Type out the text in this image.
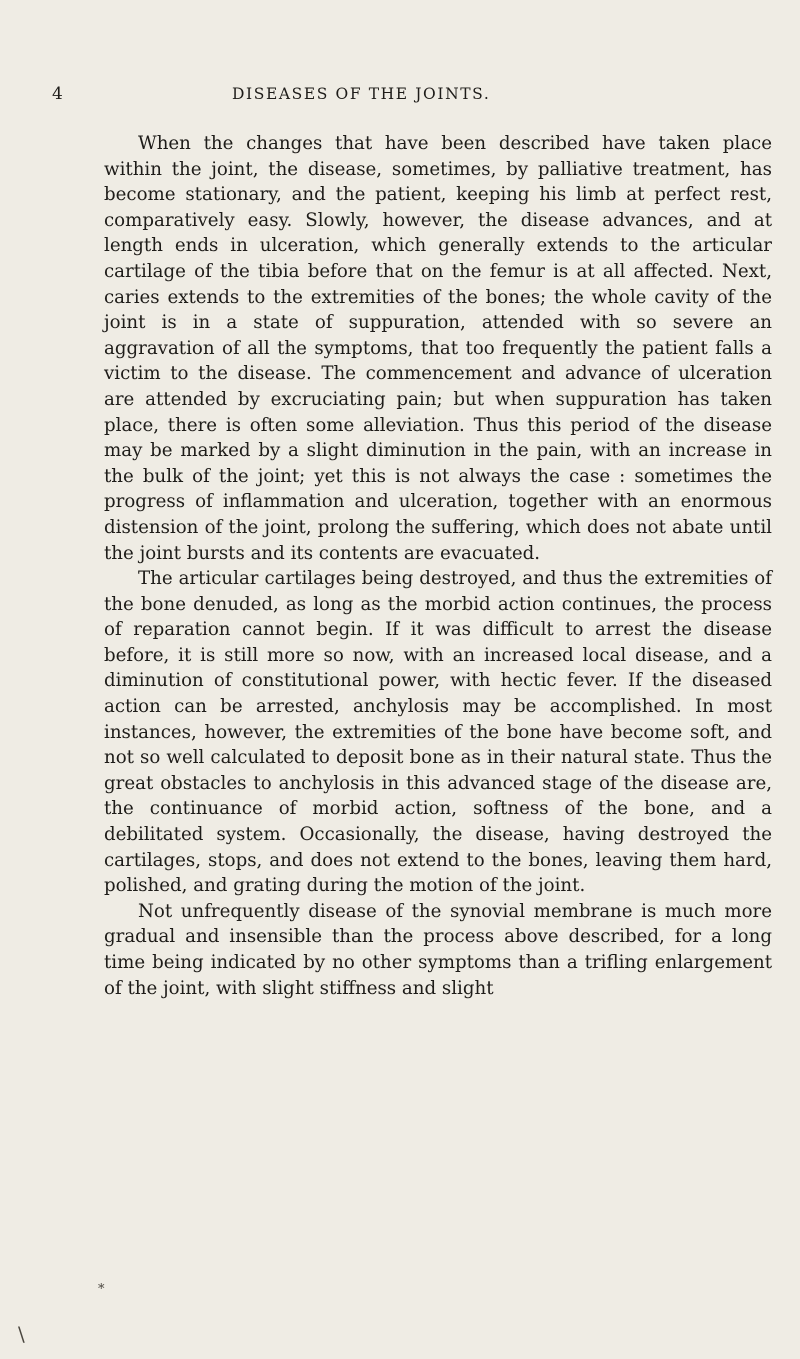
4	DISEASES OF THE JOINTS.

When the changes that have been described have taken place within the joint, the disease, sometimes, by palliative treatment, has become stationary, and the patient, keeping his limb at perfect rest, comparatively easy. Slowly, however, the disease advances, and at length ends in ulceration, which generally extends to the articular cartilage of the tibia before that on the femur is at all affected. Next, caries extends to the extremities of the bones; the whole cavity of the joint is in a state of suppuration, attended with so severe an aggravation of all the symptoms, that too frequently the patient falls a victim to the disease. The commencement and advance of ulceration are attended by excruciating pain; but when suppuration has taken place, there is often some alleviation. Thus this period of the disease may be marked by a slight diminution in the pain, with an increase in the bulk of the joint; yet this is not always the case : sometimes the progress of inflammation and ulceration, together with an enormous distension of the joint, prolong the suffering, which does not abate until the joint bursts and its contents are evacuated.

The articular cartilages being destroyed, and thus the extremities of the bone denuded, as long as the morbid action continues, the process of reparation cannot begin. If it was difficult to arrest the disease before, it is still more so now, with an increased local disease, and a diminution of constitutional power, with hectic fever. If the diseased action can be arrested, anchylosis may be accomplished. In most instances, however, the extremities of the bone have become soft, and not so well calculated to deposit bone as in their natural state. Thus the great obstacles to anchylosis in this advanced stage of the disease are, the continuance of morbid action, softness of the bone, and a debilitated system. Occasionally, the disease, having destroyed the cartilages, stops, and does not extend to the bones, leaving them hard, polished, and grating during the motion of the joint.

Not unfrequently disease of the synovial membrane is much more gradual and insensible than the process above described, for a long time being indicated by no other symptoms than a trifling enlargement of the joint, with slight stiffness and slight

*
\
